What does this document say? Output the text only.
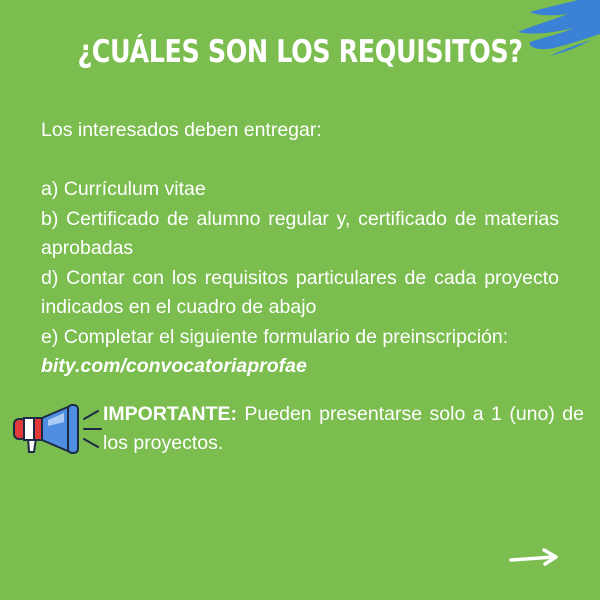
¿CUÁLES SON LOS REQUISITOS?

Los interesados deben entregar:

a) Currículum vitae

b) Certificado de alumno regular y, certificado de materias aprobadas

d) Contar con los requisitos particulares de cada proyecto indicados en el cuadro de abajo

e) Completar el siguiente formulario de preinscripción:

bity.com/convocatoriaprofae

IMPORTANTE: Pueden presentarse solo a 1 (uno) de los proyectos.
